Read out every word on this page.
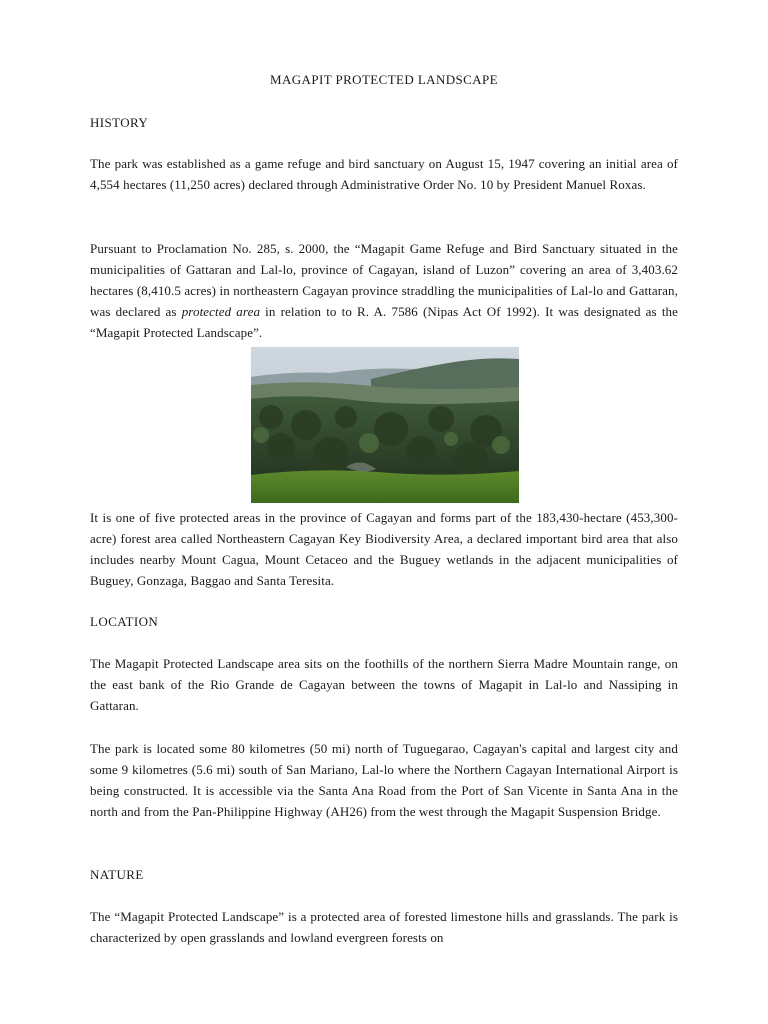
MAGAPIT PROTECTED LANDSCAPE
HISTORY
The park was established as a game refuge and bird sanctuary on August 15, 1947 covering an initial area of 4,554 hectares (11,250 acres) declared through Administrative Order No. 10 by President Manuel Roxas.
Pursuant to Proclamation No. 285, s. 2000, the “Magapit Game Refuge and Bird Sanctuary situated in the municipalities of Gattaran and Lal-lo, province of Cagayan, island of Luzon” covering an area of 3,403.62 hectares (8,410.5 acres) in northeastern Cagayan province straddling the municipalities of Lal-lo and Gattaran, was declared as protected area in relation to to R. A. 7586 (Nipas Act Of 1992). It was designated as the “Magapit Protected Landscape”.
It is one of five protected areas in the province of Cagayan and forms part of the 183,430-hectare (453,300-acre) forest area called Northeastern Cagayan Key Biodiversity Area, a declared important bird area that also includes nearby Mount Cagua, Mount Cetaceo and the Buguey wetlands in the adjacent municipalities of Buguey, Gonzaga, Baggao and Santa Teresita.
LOCATION
The Magapit Protected Landscape area sits on the foothills of the northern Sierra Madre Mountain range, on the east bank of the Rio Grande de Cagayan between the towns of Magapit in Lal-lo and Nassiping in Gattaran.
The park is located some 80 kilometres (50 mi) north of Tuguegarao, Cagayan's capital and largest city and some 9 kilometres (5.6 mi) south of San Mariano, Lal-lo where the Northern Cagayan International Airport is being constructed. It is accessible via the Santa Ana Road from the Port of San Vicente in Santa Ana in the north and from the Pan-Philippine Highway (AH26) from the west through the Magapit Suspension Bridge.
NATURE
The “Magapit Protected Landscape” is a protected area of forested limestone hills and grasslands. The park is characterized by open grasslands and lowland evergreen forests on
